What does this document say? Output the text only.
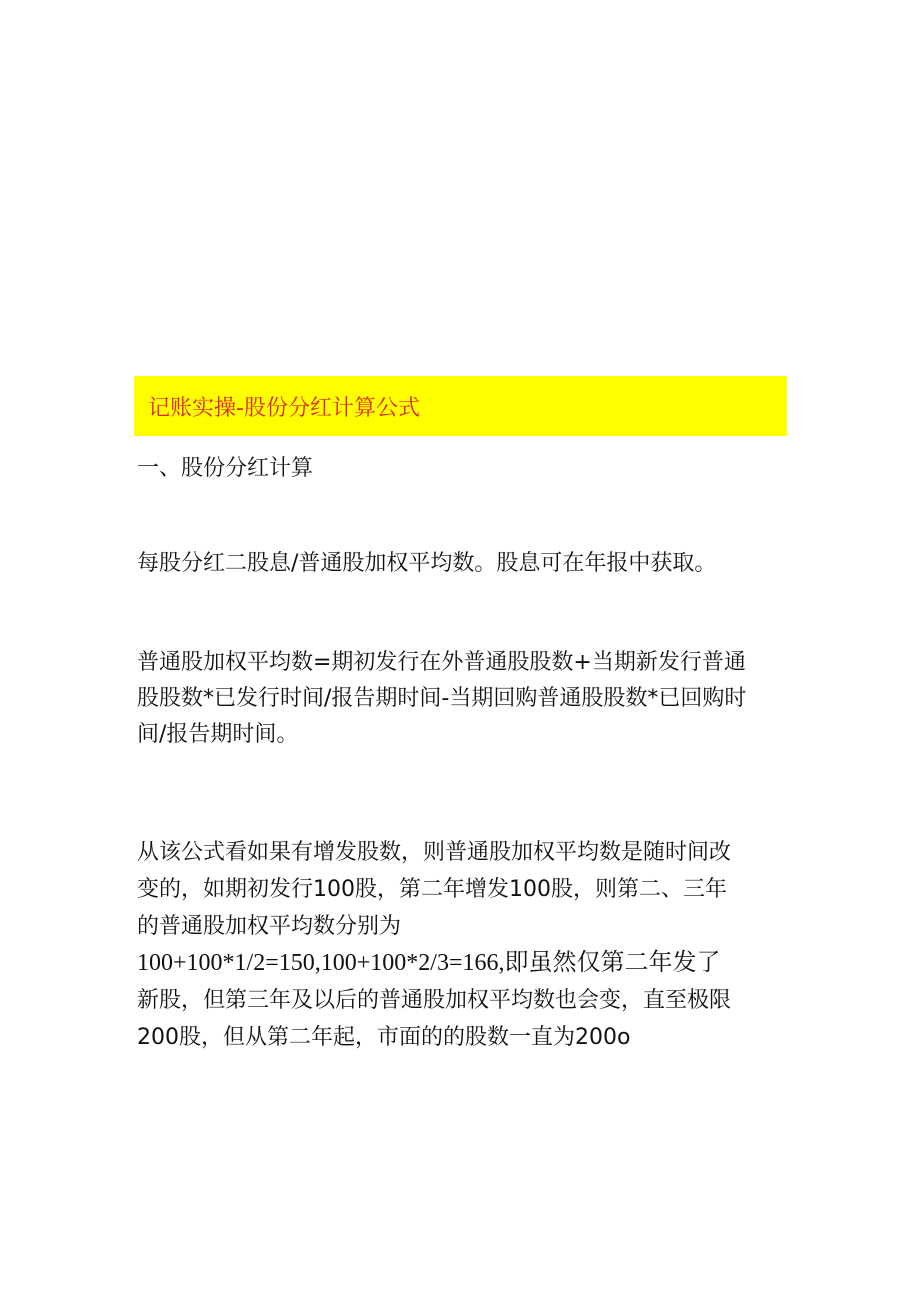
记账实操-股份分红计算公式
一、股份分红计算
每股分红二股息/普通股加权平均数。股息可在年报中获取。
普通股加权平均数=期初发行在外普通股股数+当期新发行普通
股股数*已发行时间/报告期时间-当期回购普通股股数*已回购时
间/报告期时间。
从该公式看如果有增发股数，则普通股加权平均数是随时间改
变的，如期初发行100股，第二年增发100股，则第二、三年
的普通股加权平均数分别为
100+100*1/2=150,100+100*2/3=166,即虽然仅第二年发了
新股，但第三年及以后的普通股加权平均数也会变，直至极限
200股，但从第二年起，市面的的股数一直为200o
